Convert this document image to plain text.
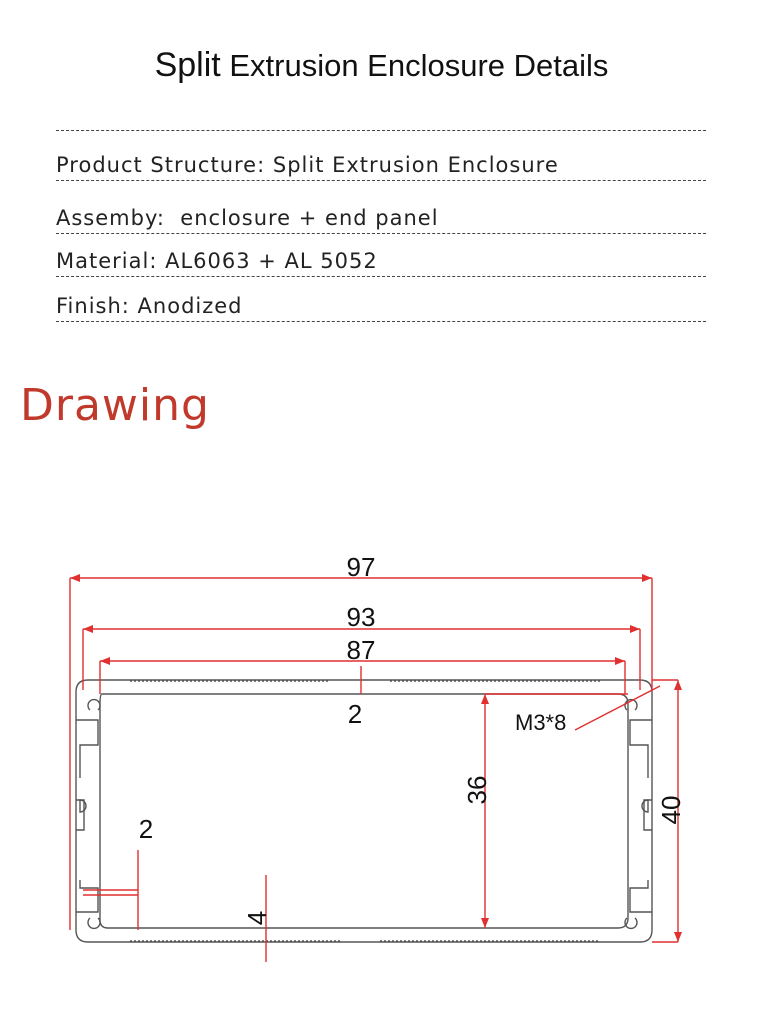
Split Extrusion Enclosure Details
Product Structure : Split Extrusion Enclosure
Assemby :  enclosure + end panel
Material : AL6063 + AL 5052
Finish : Anodized
Drawing
97
93
87
2	M3*8
36
40
2
4
